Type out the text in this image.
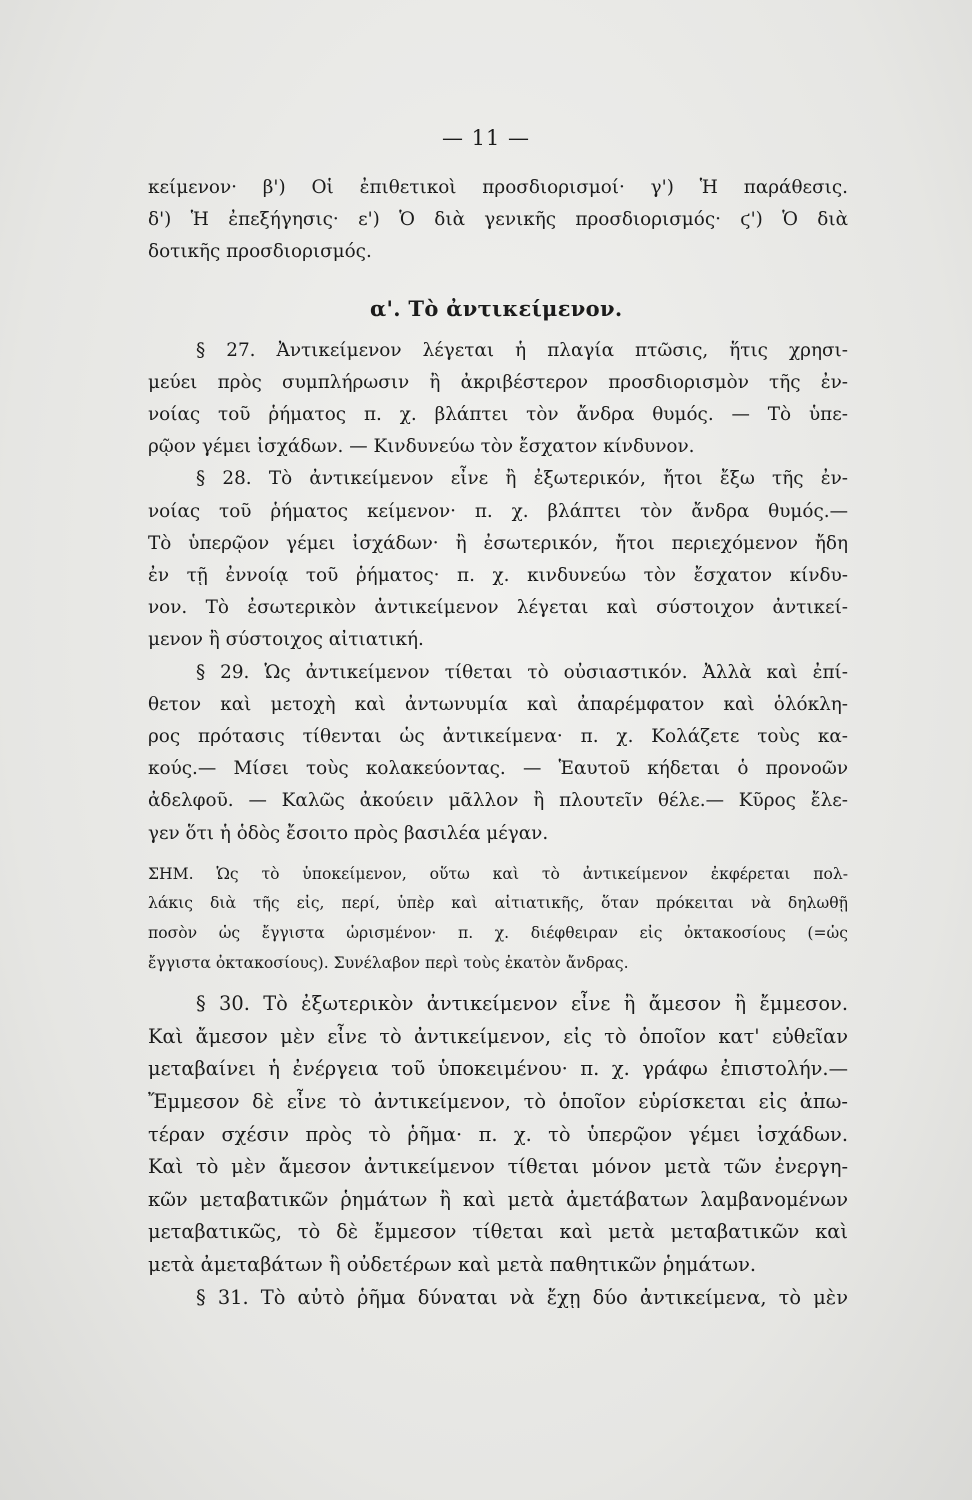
— 11 —
κείμενον· β') Οἱ ἐπιθετικοὶ προσδιορισμοί· γ') Ἡ παράθεσις.
δ') Ἡ ἐπεξήγησις· ε') Ὁ διὰ γενικῆς προσδιορισμός· ϛ') Ὁ διὰ
δοτικῆς προσδιορισμός.
α'. Τὸ ἀντικείμενον.
§ 27. Ἀντικείμενον λέγεται ἡ πλαγία πτῶσις, ἥτις χρησι-
μεύει πρὸς συμπλήρωσιν ἢ ἀκριβέστερον προσδιορισμὸν τῆς ἐν-
νοίας τοῦ ῥήματος π. χ. βλάπτει τὸν ἄνδρα θυμός. — Τὸ ὑπε-
ρῷον γέμει ἰσχάδων. — Κινδυνεύω τὸν ἔσχατον κίνδυνον.
§ 28. Τὸ ἀντικείμενον εἶνε ἢ ἐξωτερικόν, ἤτοι ἔξω τῆς ἐν-
νοίας τοῦ ῥήματος κείμενον· π. χ. βλάπτει τὸν ἄνδρα θυμός.—
Τὸ ὑπερῷον γέμει ἰσχάδων· ἢ ἐσωτερικόν, ἤτοι περιεχόμενον ἤδη
ἐν τῇ ἐννοίᾳ τοῦ ῥήματος· π. χ. κινδυνεύω τὸν ἔσχατον κίνδυ-
νον. Τὸ ἐσωτερικὸν ἀντικείμενον λέγεται καὶ σύστοιχον ἀντικεί-
μενον ἢ σύστοιχος αἰτιατική.
§ 29. Ὡς ἀντικείμενον τίθεται τὸ οὐσιαστικόν. Ἀλλὰ καὶ ἐπί-
θετον καὶ μετοχὴ καὶ ἀντωνυμία καὶ ἀπαρέμφατον καὶ ὁλόκλη-
ρος πρότασις τίθενται ὡς ἀντικείμενα· π. χ. Κολάζετε τοὺς κα-
κούς.— Μίσει τοὺς κολακεύοντας. — Ἑαυτοῦ κήδεται ὁ προνοῶν
ἀδελφοῦ. — Καλῶς ἀκούειν μᾶλλον ἢ πλουτεῖν θέλε.— Κῦρος ἔλε-
γεν ὅτι ἡ ὁδὸς ἔσοιτο πρὸς βασιλέα μέγαν.
ΣΗΜ. Ὡς τὸ ὑποκείμενον, οὕτω καὶ τὸ ἀντικείμενον ἐκφέρεται πολ-
λάκις διὰ τῆς εἰς, περί, ὑπὲρ καὶ αἰτιατικῆς, ὅταν πρόκειται νὰ δηλωθῇ
ποσὸν ὡς ἔγγιστα ὡρισμένον· π. χ. διέφθειραν εἰς ὀκτακοσίους (=ὡς
ἔγγιστα ὀκτακοσίους). Συνέλαβον περὶ τοὺς ἑκατὸν ἄνδρας.
§ 30. Τὸ ἐξωτερικὸν ἀντικείμενον εἶνε ἢ ἄμεσον ἢ ἔμμεσον.
Καὶ ἄμεσον μὲν εἶνε τὸ ἀντικείμενον, εἰς τὸ ὁποῖον κατ' εὐθεῖαν
μεταβαίνει ἡ ἐνέργεια τοῦ ὑποκειμένου· π. χ. γράφω ἐπιστολήν.—
Ἔμμεσον δὲ εἶνε τὸ ἀντικείμενον, τὸ ὁποῖον εὑρίσκεται εἰς ἀπω-
τέραν σχέσιν πρὸς τὸ ῥῆμα· π. χ. τὸ ὑπερῷον γέμει ἰσχάδων.
Καὶ τὸ μὲν ἄμεσον ἀντικείμενον τίθεται μόνον μετὰ τῶν ἐνεργη-
κῶν μεταβατικῶν ῥημάτων ἢ καὶ μετὰ ἀμετάβατων λαμβανομένων
μεταβατικῶς, τὸ δὲ ἔμμεσον τίθεται καὶ μετὰ μεταβατικῶν καὶ
μετὰ ἀμεταβάτων ἢ οὐδετέρων καὶ μετὰ παθητικῶν ῥημάτων.
§ 31. Τὸ αὐτὸ ῥῆμα δύναται νὰ ἔχῃ δύο ἀντικείμενα, τὸ μὲν
